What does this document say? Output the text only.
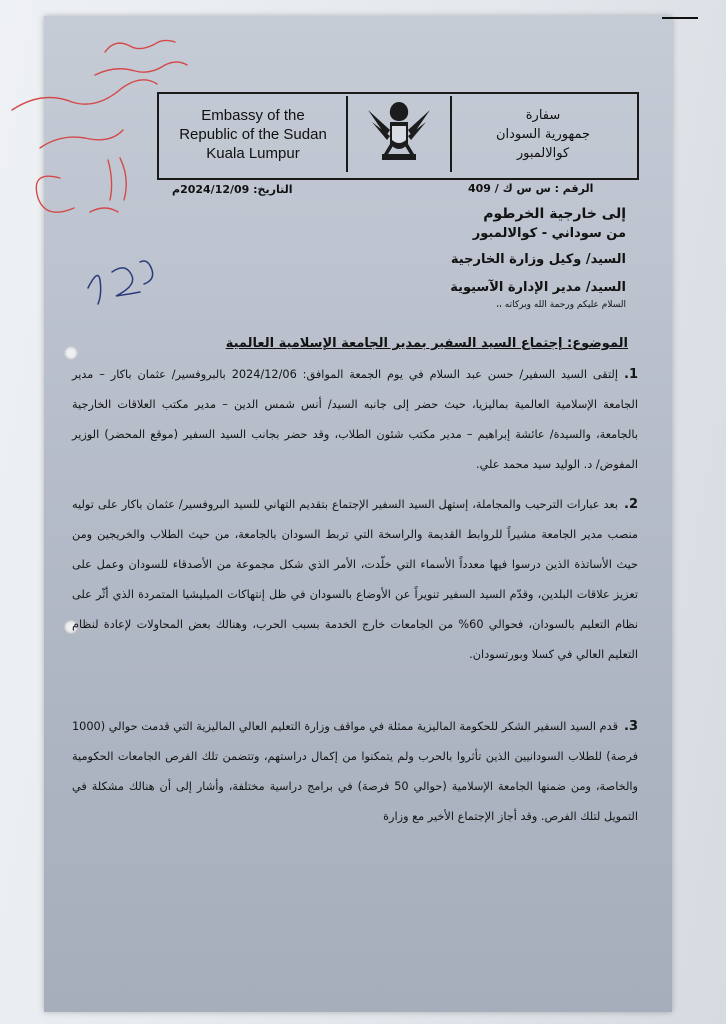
Embassy of the
Republic of the Sudan
Kuala Lumpur
سفارة
جمهورية السودان
كوالالمبور
الرقم : س س ك / 409
التاريخ: 2024/12/09م
إلى خارجية الخرطوم
من سوداني - كوالالمبور
السيد/ وكيل وزارة الخارجية
السيد/ مدير الإدارة الآسيوية
السلام عليكم ورحمة الله وبركاته ،،
الموضوع: إجتماع السيد السفير بمدير الجامعة الإسلامية العالمية
1.إلتقى السيد السفير/ حسن عبد السلام في يوم الجمعة الموافق: 2024/12/06 بالبروفسير/ عثمان باكار – مدير الجامعة الإسلامية العالمية بماليزيا، حيث حضر إلى جانبه السيد/ أنس شمس الدين – مدير مكتب العلاقات الخارجية بالجامعة، والسيدة/ عائشة إبراهيم – مدير مكتب شئون الطلاب، وقد حضر بجانب السيد السفير (موقع المحضر) الوزير المفوض/ د. الوليد سيد محمد علي.
2.بعد عبارات الترحيب والمجاملة، إستهل السيد السفير الإجتماع بتقديم التهاني للسيد البروفسير/ عثمان باكار على توليه منصب مدير الجامعة مشيراً للروابط القديمة والراسخة التي تربط السودان بالجامعة، من حيث الطلاب والخريجين ومن حيث الأساتذة الذين درسوا فيها معدداً الأسماء التي خلّدت، الأمر الذي شكل مجموعة من الأصدقاء للسودان وعمل على تعزيز علاقات البلدين، وقدّم السيد السفير تنويراً عن الأوضاع بالسودان في ظل إنتهاكات الميليشيا المتمردة الذي أثّر على نظام التعليم بالسودان، فحوالي 60% من الجامعات خارج الخدمة بسبب الحرب، وهنالك بعض المحاولات لإعادة لنظام التعليم العالي في كسلا وبورتسودان.
3.قدم السيد السفير الشكر للحكومة الماليزية ممثلة في مواقف وزارة التعليم العالي الماليزية التي قدمت حوالي (1000 فرصة) للطلاب السودانيين الذين تأثروا بالحرب ولم يتمكنوا من إكمال دراستهم، وتتضمن تلك الفرص الجامعات الحكومية والخاصة، ومن ضمنها الجامعة الإسلامية (حوالي 50 فرصة) في برامج دراسية مختلفة، وأشار إلى أن هنالك مشكلة في التمويل لتلك الفرص. وقد أجاز الإجتماع الأخير مع وزارة
